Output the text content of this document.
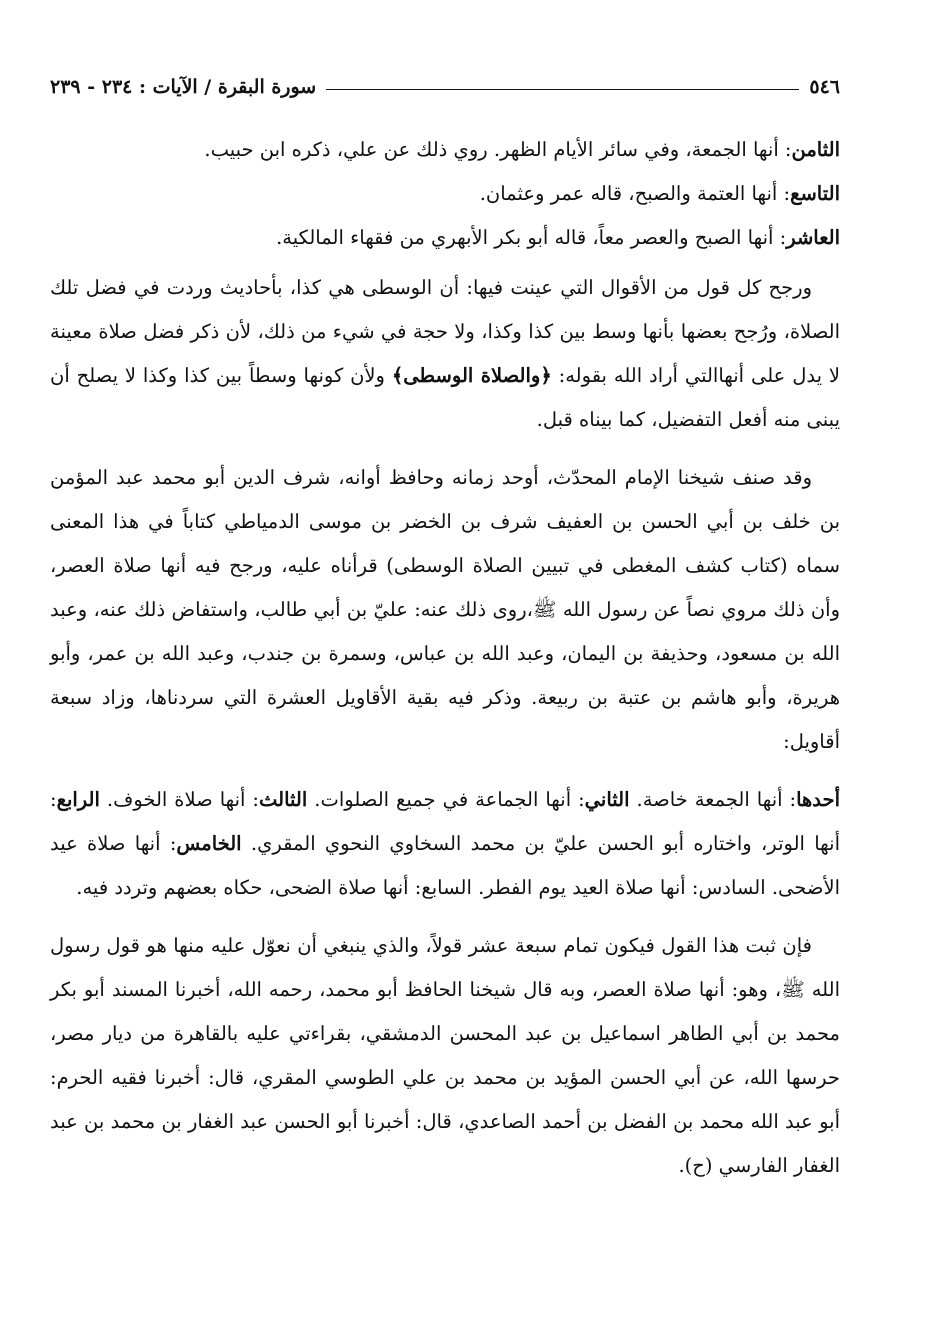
٥٤٦
سورة البقرة / الآيات : ٢٣٤ - ٢٣٩

الثامن: أنها الجمعة، وفي سائر الأيام الظهر. روي ذلك عن علي، ذكره ابن حبيب.

التاسع: أنها العتمة والصبح، قاله عمر وعثمان.

العاشر: أنها الصبح والعصر معاً، قاله أبو بكر الأبهري من فقهاء المالكية.

ورجح كل قول من الأقوال التي عينت فيها: أن الوسطى هي كذا، بأحاديث وردت في فضل تلك الصلاة، ورُجح بعضها بأنها وسط بين كذا وكذا، ولا حجة في شيء من ذلك، لأن ذكر فضل صلاة معينة لا يدل على أنهاالتي أراد الله بقوله: ﴿والصلاة الوسطى﴾ ولأن كونها وسطاً بين كذا وكذا لا يصلح أن يبنى منه أفعل التفضيل، كما بيناه قبل.

وقد صنف شيخنا الإمام المحدّث، أوحد زمانه وحافظ أوانه، شرف الدين أبو محمد عبد المؤمن بن خلف بن أبي الحسن بن العفيف شرف بن الخضر بن موسى الدمياطي كتاباً في هذا المعنى سماه (كتاب كشف المغطى في تبيين الصلاة الوسطى) قرأناه عليه، ورجح فيه أنها صلاة العصر، وأن ذلك مروي نصاً عن رسول الله ﷺ،روى ذلك عنه: عليّ بن أبي طالب، واستفاض ذلك عنه، وعبد الله بن مسعود، وحذيفة بن اليمان، وعبد الله بن عباس، وسمرة بن جندب، وعبد الله بن عمر، وأبو هريرة، وأبو هاشم بن عتبة بن ربيعة. وذكر فيه بقية الأقاويل العشرة التي سردناها، وزاد سبعة أقاويل:

أحدها: أنها الجمعة خاصة. الثاني: أنها الجماعة في جميع الصلوات. الثالث: أنها صلاة الخوف. الرابع: أنها الوتر، واختاره أبو الحسن عليّ بن محمد السخاوي النحوي المقري. الخامس: أنها صلاة عيد الأضحى. السادس: أنها صلاة العيد يوم الفطر. السابع: أنها صلاة الضحى، حكاه بعضهم وتردد فيه.

فإن ثبت هذا القول فيكون تمام سبعة عشر قولاً، والذي ينبغي أن نعوّل عليه منها هو قول رسول الله ﷺ، وهو: أنها صلاة العصر، وبه قال شيخنا الحافظ أبو محمد، رحمه الله، أخبرنا المسند أبو بكر محمد بن أبي الطاهر اسماعيل بن عبد المحسن الدمشقي، بقراءتي عليه بالقاهرة من ديار مصر، حرسها الله، عن أبي الحسن المؤيد بن محمد بن علي الطوسي المقري، قال: أخبرنا فقيه الحرم: أبو عبد الله محمد بن الفضل بن أحمد الصاعدي، قال: أخبرنا أبو الحسن عبد الغفار بن محمد بن عبد الغفار الفارسي (ح).
